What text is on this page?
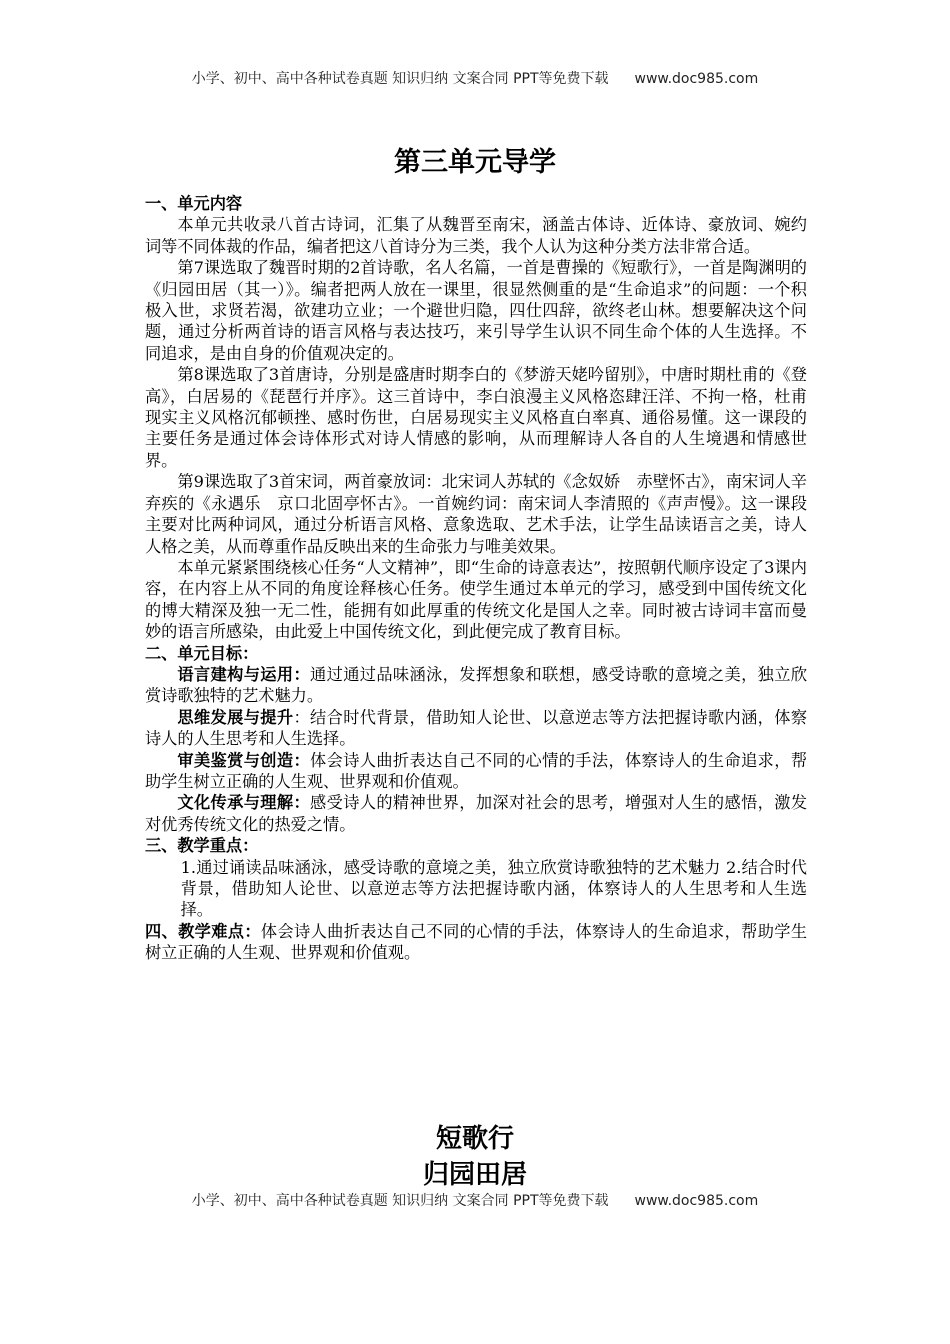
小学、初中、高中各种试卷真题 知识归纳 文案合同 PPT等免费下载 www.doc985.com
第三单元导学

一、单元内容

本单元共收录八首古诗词，汇集了从魏晋至南宋，涵盖古体诗、近体诗、豪放词、婉约词等不同体裁的作品，编者把这八首诗分为三类，我个人认为这种分类方法非常合适。

第7课选取了魏晋时期的2首诗歌，名人名篇，一首是曹操的《短歌行》，一首是陶渊明的《归园田居（其一）》。编者把两人放在一课里，很显然侧重的是“生命追求”的问题：一个积极入世，求贤若渴，欲建功立业；一个避世归隐，四仕四辞，欲终老山林。想要解决这个问题，通过分析两首诗的语言风格与表达技巧，来引导学生认识不同生命个体的人生选择。不同追求，是由自身的价值观决定的。

第8课选取了3首唐诗，分别是盛唐时期李白的《梦游天姥吟留别》，中唐时期杜甫的《登高》，白居易的《琵琶行并序》。这三首诗中，李白浪漫主义风格恣肆汪洋、不拘一格，杜甫现实主义风格沉郁顿挫、感时伤世，白居易现实主义风格直白率真、通俗易懂。这一课段的主要任务是通过体会诗体形式对诗人情感的影响，从而理解诗人各自的人生境遇和情感世界。

第9课选取了3首宋词，两首豪放词：北宋词人苏轼的《念奴娇　赤壁怀古》，南宋词人辛弃疾的《永遇乐　京口北固亭怀古》。一首婉约词：南宋词人李清照的《声声慢》。这一课段主要对比两种词风，通过分析语言风格、意象选取、艺术手法，让学生品读语言之美，诗人人格之美，从而尊重作品反映出来的生命张力与唯美效果。

本单元紧紧围绕核心任务“人文精神”，即“生命的诗意表达”，按照朝代顺序设定了3课内容，在内容上从不同的角度诠释核心任务。使学生通过本单元的学习，感受到中国传统文化的博大精深及独一无二性，能拥有如此厚重的传统文化是国人之幸。同时被古诗词丰富而曼妙的语言所感染，由此爱上中国传统文化，到此便完成了教育目标。

二、单元目标：

语言建构与运用：通过通过品味涵泳，发挥想象和联想，感受诗歌的意境之美，独立欣赏诗歌独特的艺术魅力。

思维发展与提升：结合时代背景，借助知人论世、以意逆志等方法把握诗歌内涵，体察诗人的人生思考和人生选择。

审美鉴赏与创造：体会诗人曲折表达自己不同的心情的手法，体察诗人的生命追求，帮助学生树立正确的人生观、世界观和价值观。

文化传承与理解：感受诗人的精神世界，加深对社会的思考，增强对人生的感悟，激发对优秀传统文化的热爱之情。

三、教学重点：

1.通过诵读品味涵泳，感受诗歌的意境之美，独立欣赏诗歌独特的艺术魅力 2.结合时代背景，借助知人论世、以意逆志等方法把握诗歌内涵，体察诗人的人生思考和人生选择。

四、教学难点：体会诗人曲折表达自己不同的心情的手法，体察诗人的生命追求，帮助学生树立正确的人生观、世界观和价值观。

短歌行
归园田居
小学、初中、高中各种试卷真题 知识归纳 文案合同 PPT等免费下载 www.doc985.com
